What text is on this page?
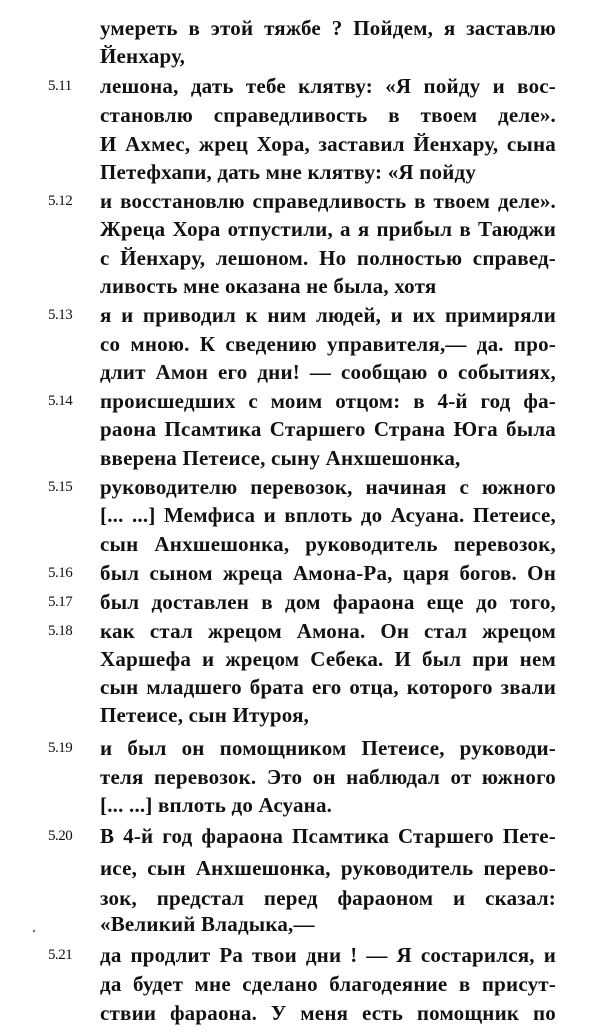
умереть в этой тяжбе ? Пойдем, я заставлю
Йенхару,
5.11	лешона, дать тебе клятву: «Я пойду и вос-
становлю справедливость в твоем деле».
И Ахмес, жрец Хора, заставил Йенхару, сына
Петефхапи, дать мне клятву: «Я пойду
5.12	и восстановлю справедливость в твоем деле».
Жреца Хора отпустили, а я прибыл в Таюджи
с Йенхару, лешоном. Но полностью справед-
ливость мне оказана не была, хотя
5.13	я и приводил к ним людей, и их примиряли
со мною. К сведению управителя,— да. про-
длит Амон его дни! — сообщаю о событиях,
5.14	происшедших с моим отцом: в 4-й год фа-
раона Псамтика Старшего Страна Юга была
вверена Петеисе, сыну Анхшешонка,
5.15	руководителю перевозок, начиная с южного
[... ...] Мемфиса и вплоть до Асуана. Петеисе,
сын Анхшешонка, руководитель перевозок,
5.16	был сыном жреца Амона-Ра, царя богов. Он
5.17	был доставлен в дом фараона еще до того,
5.18	как стал жрецом Амона. Он стал жрецом
Харшефа и жрецом Себека. И был при нем
сын младшего брата его отца, которого звали
Петеисе, сын Итуроя,
5.19	и был он помощником Петеисе, руководи-
теля перевозок. Это он наблюдал от южного
[... ...] вплоть до Асуана.
5.20	В 4-й год фараона Псамтика Старшего Пете-
исе, сын Анхшешонка, руководитель перево-
зок, предстал перед фараоном и сказал:
«Великий Владыка,—
5.21	да продлит Ра твои дни ! — Я состарился, и
да будет мне сделано благодеяние в присут-
ствии фараона. У меня есть помощник по
